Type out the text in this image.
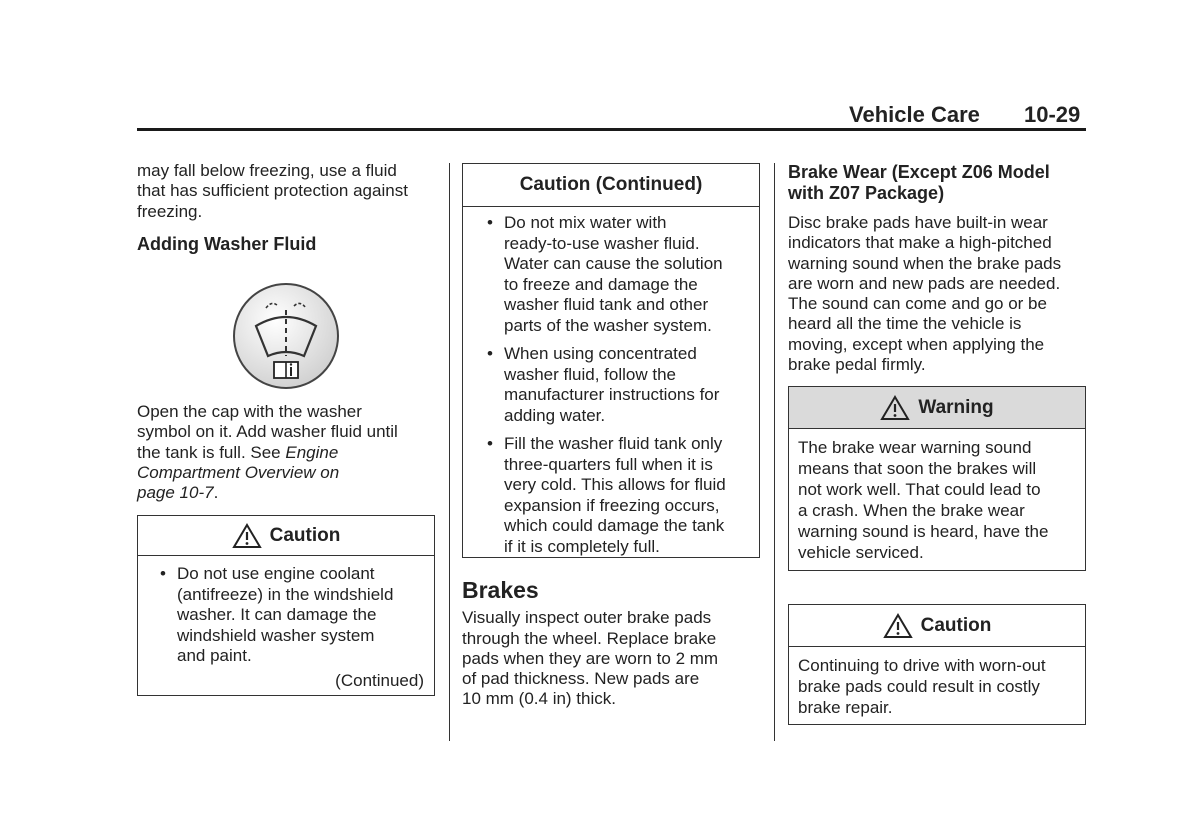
Vehicle Care 10-29

may fall below freezing, use a fluid

that has sufficient protection against

freezing.

Adding Washer Fluid

Open the cap with the washer

symbol on it. Add washer fluid until

the tank is full. See Engine

Compartment Overview on

page 10-7.

Caution
• Do not use engine coolant
(antifreeze) in the windshield
washer. It can damage the
windshield washer system
and paint.
(Continued)
Caution (Continued)
• Do not mix water with
ready-to-use washer fluid.
Water can cause the solution
to freeze and damage the
washer fluid tank and other
parts of the washer system.
• When using concentrated
washer fluid, follow the
manufacturer instructions for
adding water.
• Fill the washer fluid tank only
three-quarters full when it is
very cold. This allows for fluid
expansion if freezing occurs,
which could damage the tank
if it is completely full.

Brakes

Visually inspect outer brake pads

through the wheel. Replace brake

pads when they are worn to 2 mm

of pad thickness. New pads are

10 mm (0.4 in) thick.

Brake Wear (Except Z06 Model

with Z07 Package)

Disc brake pads have built-in wear

indicators that make a high-pitched

warning sound when the brake pads

are worn and new pads are needed.

The sound can come and go or be

heard all the time the vehicle is

moving, except when applying the

brake pedal firmly.

Warning
The brake wear warning sound
means that soon the brakes will
not work well. That could lead to
a crash. When the brake wear
warning sound is heard, have the
vehicle serviced.
Caution
Continuing to drive with worn-out
brake pads could result in costly
brake repair.
